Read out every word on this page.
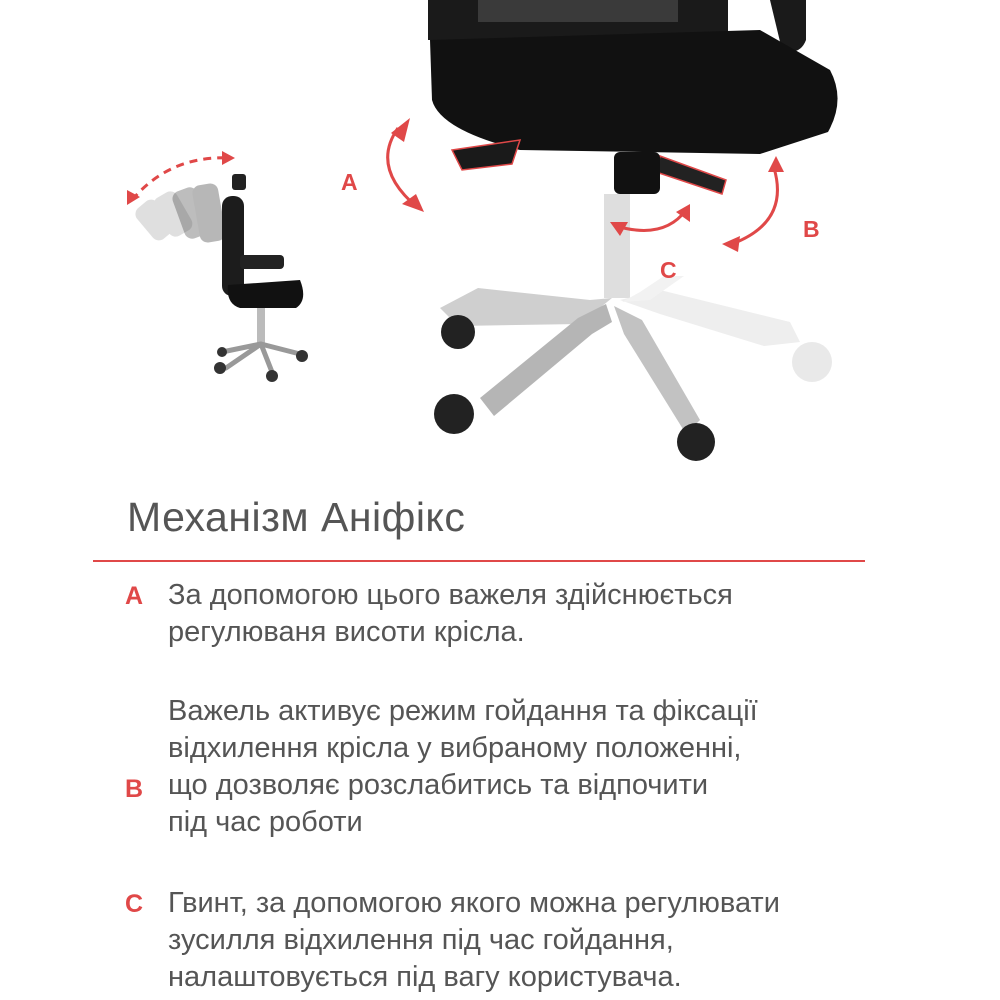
A
B
C
Механізм Аніфікс
A За допомогою цього важеля здійснюється
регулюваня висоти крісла.
B
Важель активує режим гойдання та фіксації
відхилення крісла у вибраному положенні,
що дозволяє розслабитись та відпочити
під час роботи
C Гвинт, за допомогою якого можна регулювати
зусилля відхилення під час гойдання,
налаштовується під вагу користувача.
